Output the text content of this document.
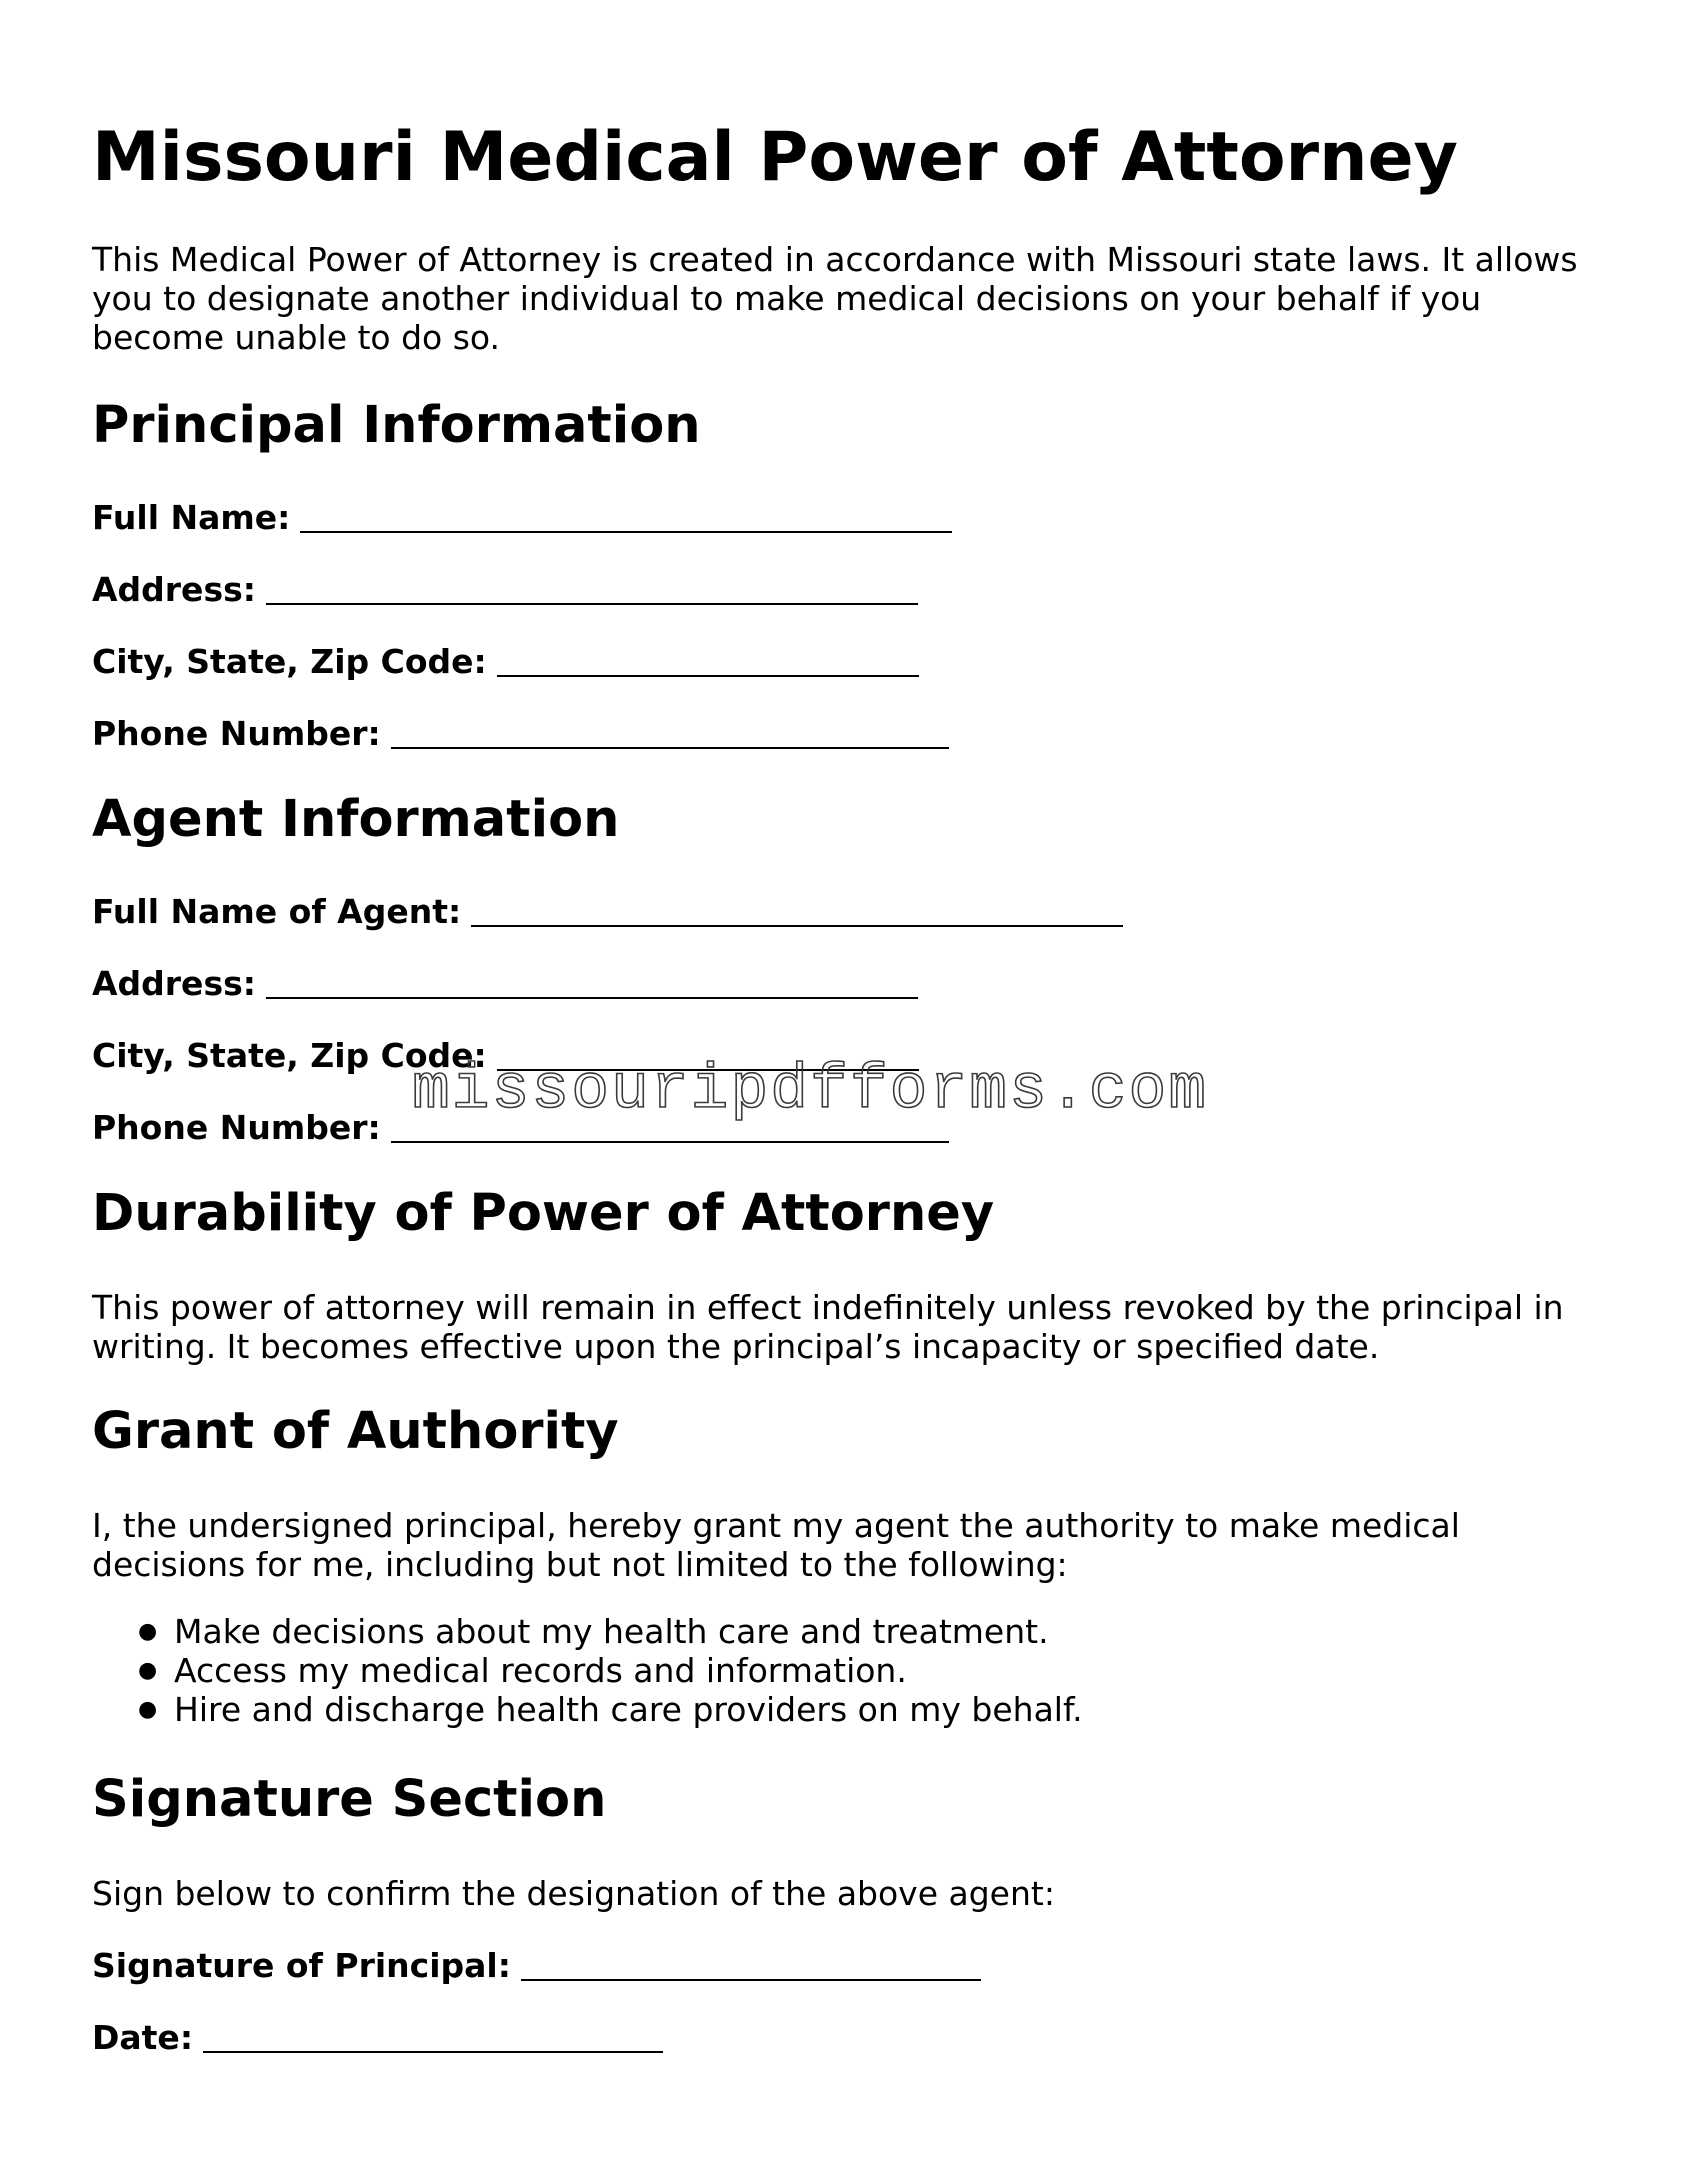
Missouri Medical Power of Attorney

This Medical Power of Attorney is created in accordance with Missouri state laws. It allows you to designate another individual to make medical decisions on your behalf if you become unable to do so.

Principal Information
Full Name:
Address:
City, State, Zip Code:
Phone Number:
Agent Information
Full Name of Agent:
Address:
City, State, Zip Code:
Phone Number:
Durability of Power of Attorney

This power of attorney will remain in effect indefinitely unless revoked by the principal in writing. It becomes effective upon the principal’s incapacity or specified date.

Grant of Authority

I, the undersigned principal, hereby grant my agent the authority to make medical decisions for me, including but not limited to the following:

● Make decisions about my health care and treatment.
● Access my medical records and information.
● Hire and discharge health care providers on my behalf.
Signature Section

Sign below to confirm the designation of the above agent:

Signature of Principal:
Date:
missouripdfforms.com
